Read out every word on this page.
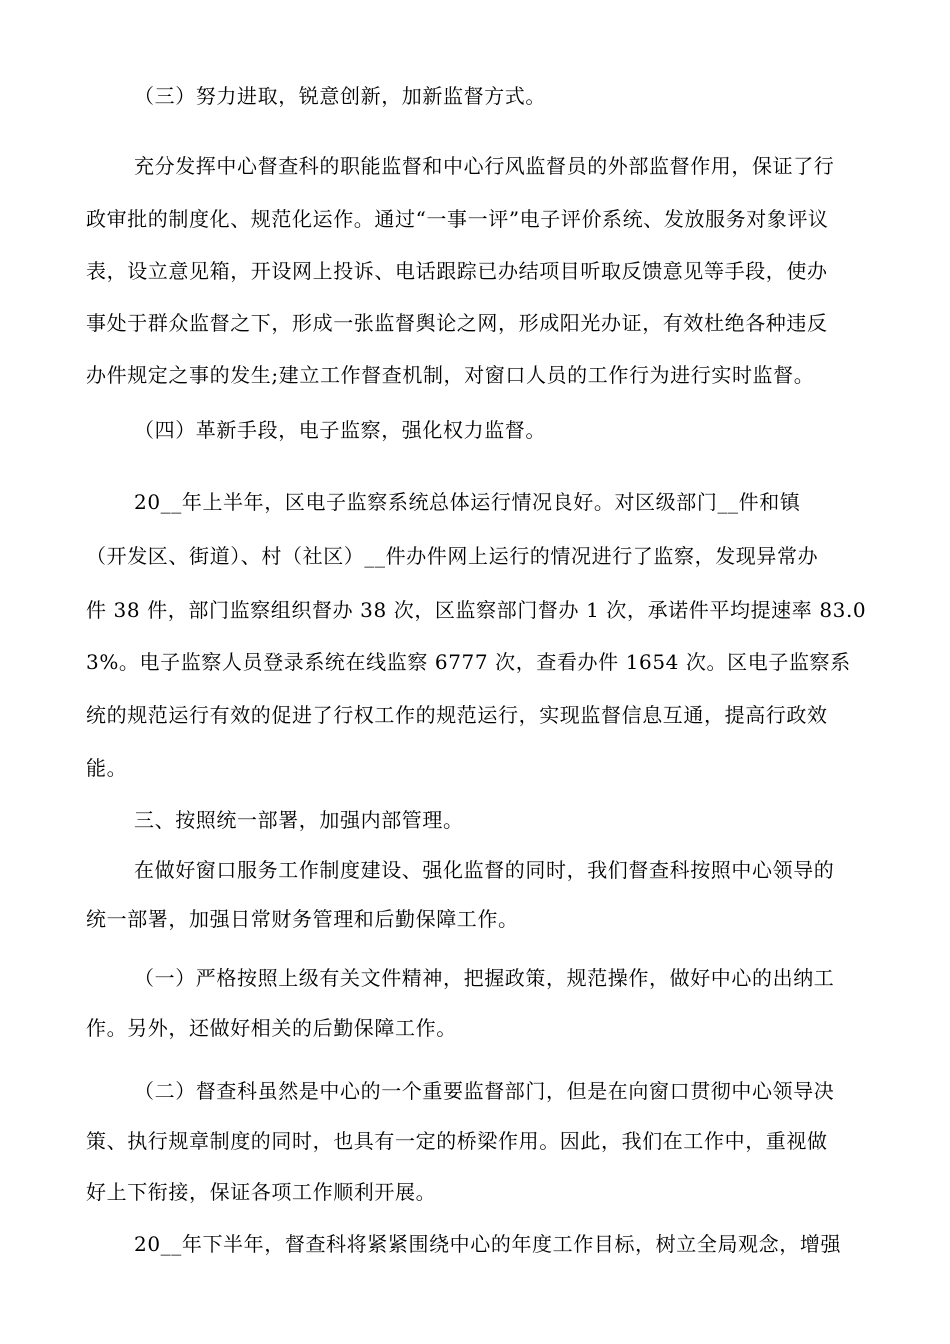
（三）努力进取，锐意创新，加新监督方式。

充分发挥中心督查科的职能监督和中心行风监督员的外部监督作用，保证了行

政审批的制度化、规范化运作。通过“一事一评”电子评价系统、发放服务对象评议

表，设立意见箱，开设网上投诉、电话跟踪已办结项目听取反馈意见等手段，使办

事处于群众监督之下，形成一张监督舆论之网，形成阳光办证，有效杜绝各种违反

办件规定之事的发生;建立工作督查机制，对窗口人员的工作行为进行实时监督。

（四）革新手段，电子监察，强化权力监督。

20__年上半年，区电子监察系统总体运行情况良好。对区级部门__件和镇

（开发区、街道）、村（社区）__件办件网上运行的情况进行了监察，发现异常办

件 38 件，部门监察组织督办 38 次，区监察部门督办 1 次，承诺件平均提速率 83.0

3%。电子监察人员登录系统在线监察 6777 次，查看办件 1654 次。区电子监察系

统的规范运行有效的促进了行权工作的规范运行，实现监督信息互通，提高行政效

能。

三、按照统一部署，加强内部管理。

在做好窗口服务工作制度建设、强化监督的同时，我们督查科按照中心领导的

统一部署，加强日常财务管理和后勤保障工作。

（一）严格按照上级有关文件精神，把握政策，规范操作，做好中心的出纳工

作。另外，还做好相关的后勤保障工作。

（二）督查科虽然是中心的一个重要监督部门，但是在向窗口贯彻中心领导决

策、执行规章制度的同时，也具有一定的桥梁作用。因此，我们在工作中，重视做

好上下衔接，保证各项工作顺利开展。

20__年下半年，督查科将紧紧围绕中心的年度工作目标，树立全局观念，增强
